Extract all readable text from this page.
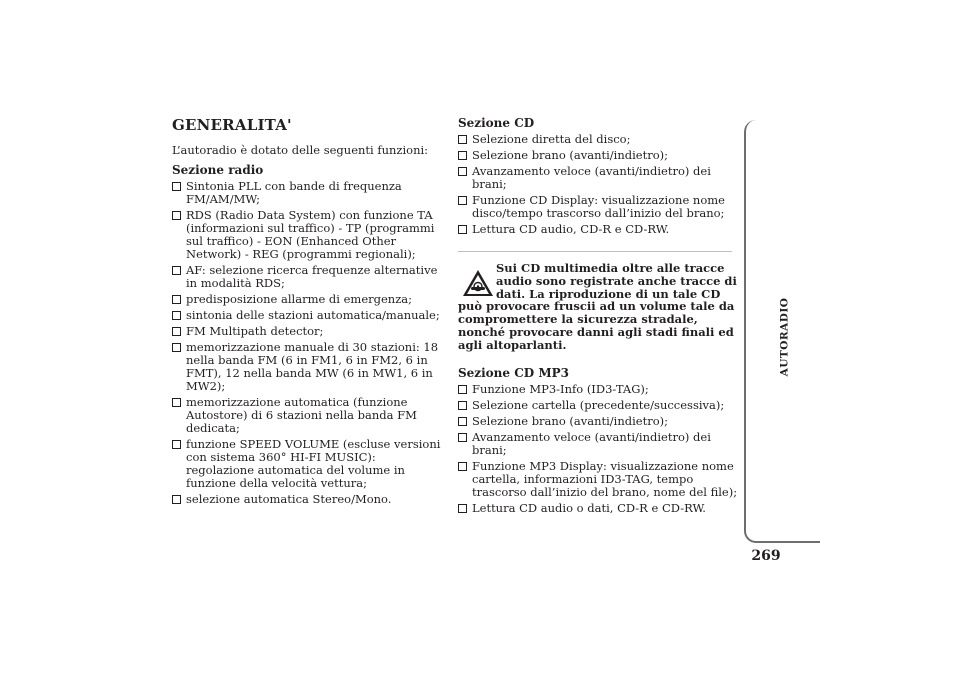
GENERALITA'

L’autoradio è dotato delle seguenti funzioni:

Sezione radio
Sintonia PLL con bande di frequenza FM/AM/MW;
RDS (Radio Data System) con funzione TA (informazioni sul traffico) - TP (programmi sul traffico) - EON (Enhanced Other Network) - REG (programmi regionali);
AF: selezione ricerca frequenze alternative in modalità RDS;
predisposizione allarme di emergenza;
sintonia delle stazioni automatica/manuale;
FM Multipath detector;
memorizzazione manuale di 30 stazioni: 18 nella banda FM (6 in FM1, 6 in FM2, 6 in FMT), 12 nella banda MW (6 in MW1, 6 in MW2);
memorizzazione automatica (funzione Autostore) di 6 stazioni nella banda FM dedicata;
funzione SPEED VOLUME (escluse versioni con sistema 360° HI-FI MUSIC): regolazione automatica del volume in funzione della velocità vettura;
selezione automatica Stereo/Mono.
Sezione CD
Selezione diretta del disco;
Selezione brano (avanti/indietro);
Avanzamento veloce (avanti/indietro) dei brani;
Funzione CD Display: visualizzazione nome disco/tempo trascorso dall’inizio del brano;
Lettura CD audio, CD-R e CD-RW.

Sui CD multimedia oltre alle tracce audio sono registrate anche tracce di dati. La riproduzione di un tale CD può provocare fruscii ad un volume tale da compromettere la sicurezza stradale, nonché provocare danni agli stadi finali ed agli altoparlanti.

Sezione CD MP3
Funzione MP3-Info (ID3-TAG);
Selezione cartella (precedente/successiva);
Selezione brano (avanti/indietro);
Avanzamento veloce (avanti/indietro) dei brani;
Funzione MP3 Display: visualizzazione nome cartella, informazioni ID3-TAG, tempo trascorso dall’inizio del brano, nome del file);
Lettura CD audio o dati, CD-R e CD-RW.
AUTORADIO
269
